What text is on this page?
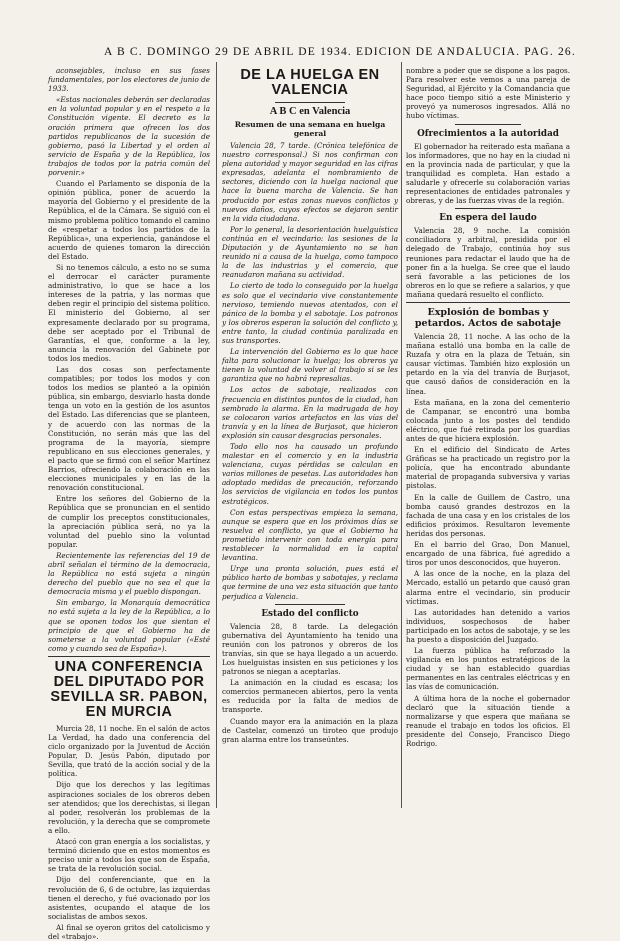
A B C. DOMINGO 29 DE ABRIL DE 1934. EDICION DE ANDALUCIA. PAG. 26.

aconsejables, incluso en sus fases fundamentales, por los electores de junio de 1933.

«Estas nacionales deberán ser declaradas en la voluntad popular y en el respeto a la Constitución vigente. El decreto es la oración primera que ofrecen los dos partidos republicanos de la sucesión de gobierno, pasó la Libertad y el orden al servicio de España y de la República, los trabajos de todos por la patria común del porvenir.»

Cuando el Parlamento se disponía de la opinión pública, poner de acuerdo la mayoría del Gobierno y el presidente de la República, el de la Cámara. Se siguió con el mismo problema político tomando el camino de «respetar a todos los partidos de la República», una experiencia, ganándose el acuerdo de quienes tomaron la dirección del Estado.

Si no tenemos cálculo, a esto no se suma el derrocar el carácter puramente administrativo, lo que se hace a los intereses de la patria, y las normas que deben regir el principio del sistema político. El ministerio del Gobierno, al ser expresamente declarado por su programa, debe ser aceptado por el Tribunal de Garantías, el que, conforme a la ley, anuncia la renovación del Gabinete por todos los medios.

Las dos cosas son perfectamente compatibles; por todos los modos y con todos los medios se planteó a la opinión pública, sin embargo, desviarlo hasta donde tenga un voto en la gestión de los asuntos del Estado. Las diferencias que se planteen, y de acuerdo con las normas de la Constitución, no serán más que las del programa de la mayoría, siempre republicano en sus elecciones generales, y el pacto que se firmó con el señor Martínez Barrios, ofreciendo la colaboración en las elecciones municipales y en las de la renovación constitucional.

Entre los señores del Gobierno de la República que se pronuncian en el sentido de cumplir los preceptos constitucionales, la apreciación pública será, no ya la voluntad del pueblo sino la voluntad popular.

Recientemente las referencias del 19 de abril señalan el término de la democracia, la República no está sujeta a ningún derecho del pueblo que no sea el que la democracia misma y el pueblo dispongan.

Sin embargo, la Monarquía democrática no está sujeta a la ley de la República, a lo que se oponen todos los que sientan el principio de que el Gobierno ha de someterse a la voluntad popular («Esté como y cuando sea de España»).

UNA CONFERENCIA DEL DIPUTADO POR SEVILLA SR. PABON, EN MURCIA

Murcia 28, 11 noche. En el salón de actos La Verdad, ha dado una conferencia del ciclo organizado por la Juventud de Acción Popular, D. Jesús Pabón, diputado por Sevilla, que trató de la acción social y de la política.

Dijo que los derechos y las legítimas aspiraciones sociales de los obreros deben ser atendidos; que los derechistas, si llegan al poder, resolverán los problemas de la revolución, y la derecha que se compromete a ello.

Atacó con gran energía a los socialistas, y terminó diciendo que en estos momentos es preciso unir a todos los que son de España, se trata de la revolución social.

Dijo del conferenciante, que en la revolución de 6, 6 de octubre, las izquierdas tienen el derecho, y fué ovacionado por los asistentes, ocupando el ataque de los socialistas de ambos sexos.

Al final se oyeron gritos del catolicismo y del «trabajo».

DE LA HUELGA EN VALENCIA
A B C en Valencia

Resumen de una semana en huelga general

Valencia 28, 7 tarde. (Crónica telefónica de nuestro corresponsal.) Si nos confirman con plena autoridad y mayor seguridad en las cifras expresadas, adelanta el nombramiento de sectores, diciendo con la huelga nacional que hace la buena marcha de Valencia. Se han producido por estas zonas nuevos conflictos y nuevos daños, cuyos efectos se dejaron sentir en la vida ciudadana.

Por lo general, la desorientación huelguística continúa en el vecindario: las sesiones de la Diputación y de Ayuntamiento no se han reunido ni a causa de la huelga, como tampoco la de las industrias y el comercio, que reanudaron mañana su actividad.

Lo cierto de todo lo conseguido por la huelga es solo que el vecindario vive constantemente nervioso, temiendo nuevos atentados, con el pánico de la bomba y el sabotaje. Los patronos y los obreros esperan la solución del conflicto y, entre tanto, la ciudad continúa paralizada en sus transportes.

La intervención del Gobierno es lo que hace falta para solucionar la huelga; los obreros ya tienen la voluntad de volver al trabajo si se les garantiza que no habrá represalias.

Los actos de sabotaje, realizados con frecuencia en distintos puntos de la ciudad, han sembrado la alarma. En la madrugada de hoy se colocaron varios artefactos en las vías del tranvía y en la línea de Burjasot, que hicieron explosión sin causar desgracias personales.

Todo ello nos ha causado un profundo malestar en el comercio y en la industria valenciana, cuyas pérdidas se calculan en varios millones de pesetas. Las autoridades han adoptado medidas de precaución, reforzando los servicios de vigilancia en todos los puntos estratégicos.

Con estas perspectivas empieza la semana, aunque se espera que en los próximos días se resuelva el conflicto, ya que el Gobierno ha prometido intervenir con toda energía para restablecer la normalidad en la capital levantina.

Urge una pronta solución, pues está el público harto de bombas y sabotajes, y reclama que termine de una vez esta situación que tanto perjudica a Valencia.

Estado del conflicto

Valencia 28, 8 tarde. La delegación gubernativa del Ayuntamiento ha tenido una reunión con los patronos y obreros de los tranvías, sin que se haya llegado a un acuerdo. Los huelguistas insisten en sus peticiones y los patronos se niegan a aceptarlas.

La animación en la ciudad es escasa; los comercios permanecen abiertos, pero la venta es reducida por la falta de medios de transporte.

Cuando mayor era la animación en la plaza de Castelar, comenzó un tiroteo que produjo gran alarma entre los transeúntes.

nombre a poder que se dispone a los pagos. Para resolver este vemos a una pareja de Seguridad, al Ejército y la Comandancia que hace poco tiempo sitió a este Ministerio y proveyó ya numerosos ingresados. Allá no hubo víctimas.

Ofrecimientos a la autoridad

El gobernador ha reiterado esta mañana a los informadores, que no hay en la ciudad ni en la provincia nada de particular, y que la tranquilidad es completa. Han estado a saludarle y ofrecerle su colaboración varias representaciones de entidades patronales y obreras, y de las fuerzas vivas de la región.

En espera del laudo

Valencia 28, 9 noche. La comisión conciliadora y arbitral, presidida por el delegado de Trabajo, continúa hoy sus reuniones para redactar el laudo que ha de poner fin a la huelga. Se cree que el laudo será favorable a las peticiones de los obreros en lo que se refiere a salarios, y que mañana quedará resuelto el conflicto.

Explosión de bombas y petardos. Actos de sabotaje

Valencia 28, 11 noche. A las ocho de la mañana estalló una bomba en la calle de Ruzafa y otra en la plaza de Tetuán, sin causar víctimas. También hizo explosión un petardo en la vía del tranvía de Burjasot, que causó daños de consideración en la línea.

Esta mañana, en la zona del cementerio de Campanar, se encontró una bomba colocada junto a los postes del tendido eléctrico, que fué retirada por los guardias antes de que hiciera explosión.

En el edificio del Sindicato de Artes Gráficas se ha practicado un registro por la policía, que ha encontrado abundante material de propaganda subversiva y varias pistolas.

En la calle de Guillem de Castro, una bomba causó grandes destrozos en la fachada de una casa y en los cristales de los edificios próximos. Resultaron levemente heridas dos personas.

En el barrio del Grao, Don Manuel, encargado de una fábrica, fué agredido a tiros por unos desconocidos, que huyeron.

A las once de la noche, en la plaza del Mercado, estalló un petardo que causó gran alarma entre el vecindario, sin producir víctimas.

Las autoridades han detenido a varios individuos, sospechosos de haber participado en los actos de sabotaje, y se les ha puesto a disposición del Juzgado.

La fuerza pública ha reforzado la vigilancia en los puntos estratégicos de la ciudad y se han establecido guardias permanentes en las centrales eléctricas y en las vías de comunicación.

A última hora de la noche el gobernador declaró que la situación tiende a normalizarse y que espera que mañana se reanude el trabajo en todos los oficios. El presidente del Consejo, Francisco Diego Rodrigo.
